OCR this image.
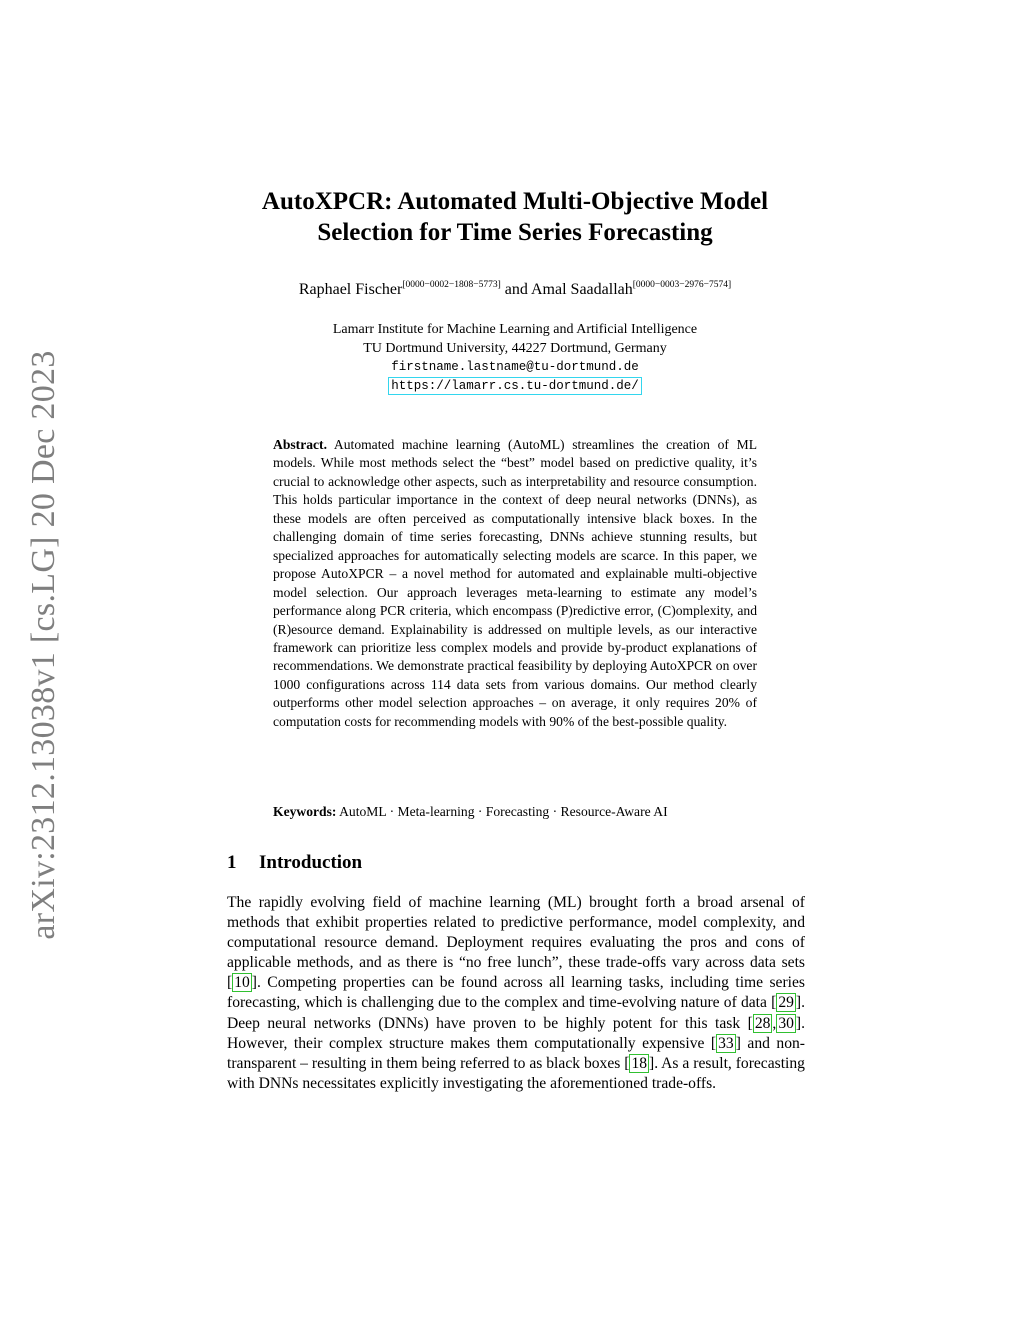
arXiv:2312.13038v1 [cs.LG] 20 Dec 2023
AutoXPCR: Automated Multi-Objective Model
Selection for Time Series Forecasting
Raphael Fischer[0000−0002−1808−5773] and Amal Saadallah[0000−0003−2976−7574]
Lamarr Institute for Machine Learning and Artificial Intelligence
TU Dortmund University, 44227 Dortmund, Germany
firstname.lastname@tu-dortmund.de
https://lamarr.cs.tu-dortmund.de/
Abstract. Automated machine learning (AutoML) streamlines the creation of ML models. While most methods select the “best” model based on predictive quality, it’s crucial to acknowledge other aspects, such as interpretability and resource consumption. This holds particular importance in the context of deep neural networks (DNNs), as these models are often perceived as computationally intensive black boxes. In the challenging domain of time series forecasting, DNNs achieve stunning results, but specialized approaches for automatically selecting models are scarce. In this paper, we propose AutoXPCR – a novel method for automated and explainable multi-objective model selection. Our approach leverages meta-learning to estimate any model’s performance along PCR criteria, which encompass (P)redictive error, (C)omplexity, and (R)esource demand. Explainability is addressed on multiple levels, as our interactive framework can prioritize less complex models and provide by-product explanations of recommendations. We demonstrate practical feasibility by deploying AutoXPCR on over 1000 configurations across 114 data sets from various domains. Our method clearly outperforms other model selection approaches – on average, it only requires 20% of computation costs for recommending models with 90% of the best-possible quality.
Keywords: AutoML · Meta-learning · Forecasting · Resource-Aware AI
1 Introduction
The rapidly evolving field of machine learning (ML) brought forth a broad arsenal of methods that exhibit properties related to predictive performance, model complexity, and computational resource demand. Deployment requires evaluating the pros and cons of applicable methods, and as there is “no free lunch”, these trade-offs vary across data sets [ 10 ]. Competing properties can be found across all learning tasks, including time series forecasting, which is challenging due to the complex and time-evolving nature of data [ 29 ]. Deep neural networks (DNNs) have proven to be highly potent for this task [ 28 , 30 ]. However, their complex structure makes them computationally expensive [ 33 ] and non-transparent – resulting in them being referred to as black boxes [ 18 ]. As a result, forecasting with DNNs necessitates explicitly investigating the aforementioned trade-offs.
